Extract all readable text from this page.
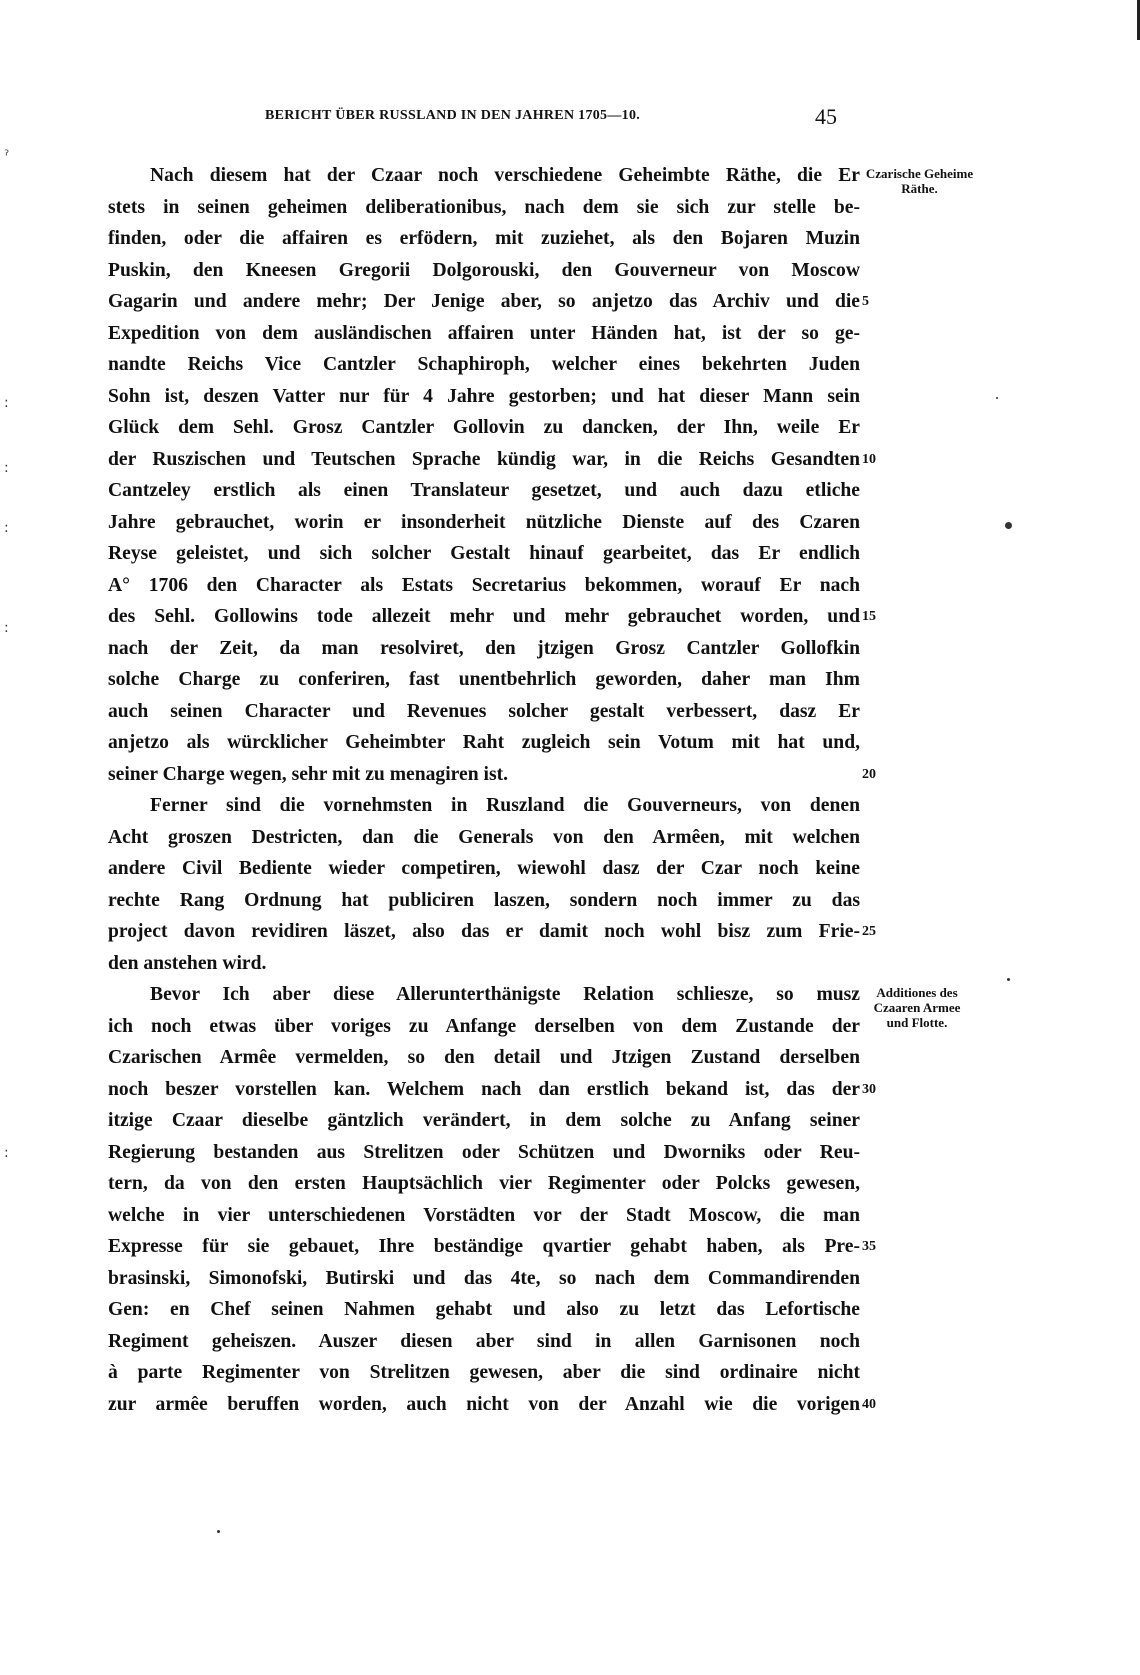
BERICHT ÜBER RUSSLAND IN DEN JAHREN 1705—10.	45
Nach diesem hat der Czaar noch verschiedene Geheimbte Räthe, die Er
stets in seinen geheimen deliberationibus, nach dem sie sich zur stelle be-
finden, oder die affairen es erfödern, mit zuziehet, als den Bojaren Muzin
Puskin, den Kneesen Gregorii Dolgorouski, den Gouverneur von Moscow
Gagarin und andere mehr; Der Jenige aber, so anjetzo das Archiv und die
Expedition von dem ausländischen affairen unter Händen hat, ist der so ge-
nandte Reichs Vice Cantzler Schaphiroph, welcher eines bekehrten Juden
Sohn ist, deszen Vatter nur für 4 Jahre gestorben; und hat dieser Mann sein
Glück dem Sehl. Grosz Cantzler Gollovin zu dancken, der Ihn, weile Er
der Ruszischen und Teutschen Sprache kündig war, in die Reichs Gesandten
Cantzeley erstlich als einen Translateur gesetzet, und auch dazu etliche
Jahre gebrauchet, worin er insonderheit nützliche Dienste auf des Czaren
Reyse geleistet, und sich solcher Gestalt hinauf gearbeitet, das Er endlich
A° 1706 den Character als Estats Secretarius bekommen, worauf Er nach
des Sehl. Gollowins tode allezeit mehr und mehr gebrauchet worden, und
nach der Zeit, da man resolviret, den jtzigen Grosz Cantzler Gollofkin
solche Charge zu conferiren, fast unentbehrlich geworden, daher man Ihm
auch seinen Character und Revenues solcher gestalt verbessert, dasz Er
anjetzo als würcklicher Geheimbter Raht zugleich sein Votum mit hat und,
seiner Charge wegen, sehr mit zu menagiren ist.
Ferner sind die vornehmsten in Ruszland die Gouverneurs, von denen
Acht groszen Destricten, dan die Generals von den Armêen, mit welchen
andere Civil Bediente wieder competiren, wiewohl dasz der Czar noch keine
rechte Rang Ordnung hat publiciren laszen, sondern noch immer zu das
project davon revidiren läszet, also das er damit noch wohl bisz zum Frie-
den anstehen wird.
Bevor Ich aber diese Allerunterthänigste Relation schliesze, so musz
ich noch etwas über voriges zu Anfange derselben von dem Zustande der
Czarischen Armêe vermelden, so den detail und Jtzigen Zustand derselben
noch beszer vorstellen kan. Welchem nach dan erstlich bekand ist, das der
itzige Czaar dieselbe gäntzlich verändert, in dem solche zu Anfang seiner
Regierung bestanden aus Strelitzen oder Schützen und Dworniks oder Reu-
tern, da von den ersten Hauptsächlich vier Regimenter oder Polcks gewesen,
welche in vier unterschiedenen Vorstädten vor der Stadt Moscow, die man
Expresse für sie gebauet, Ihre beständige qvartier gehabt haben, als Pre-
brasinski, Simonofski, Butirski und das 4te, so nach dem Commandirenden
Gen: en Chef seinen Nahmen gehabt und also zu letzt das Lefortische
Regiment geheiszen. Auszer diesen aber sind in allen Garnisonen noch
à parte Regimenter von Strelitzen gewesen, aber die sind ordinaire nicht
zur armêe beruffen worden, auch nicht von der Anzahl wie die vorigen
5
10
15
20
25
30
35
40
Czarische Geheime Räthe.
Additiones des Czaaren Armee und Flotte.
ˀ
:
:
:
:
:
